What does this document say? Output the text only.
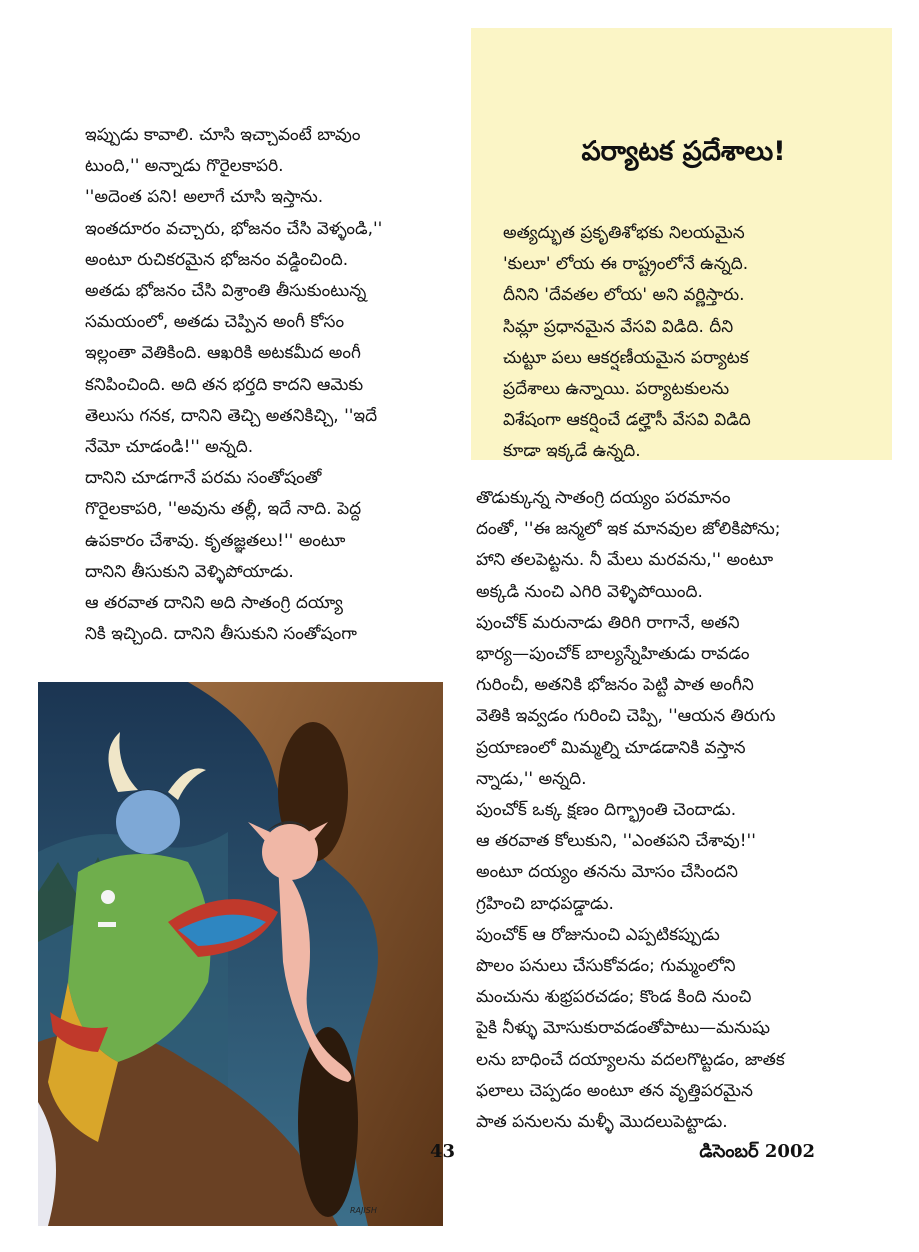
ఇప్పుడు కావాలి. చూసి ఇచ్చావంటే బావుం
టుంది,'' అన్నాడు గొరైలకాపరి.
''అదెంత పని! అలాగే చూసి ఇస్తాను.
ఇంతదూరం వచ్చారు, భోజనం చేసి వెళ్ళండి,''
అంటూ రుచికరమైన భోజనం వడ్డించింది.
అతడు భోజనం చేసి విశ్రాంతి తీసుకుంటున్న
సమయంలో, అతడు చెప్పిన అంగీ కోసం
ఇల్లంతా వెతికింది. ఆఖరికి అటకమీద అంగీ
కనిపించింది. అది తన భర్తది కాదని ఆమెకు
తెలుసు గనక, దానిని తెచ్చి అతనికిచ్చి, ''ఇదే
నేమో చూడండి!'' అన్నది.
దానిని చూడగానే పరమ సంతోషంతో
గొరైలకాపరి, ''అవును తల్లీ, ఇదే నాది. పెద్ద
ఉపకారం చేశావు. కృతజ్ఞతలు!'' అంటూ
దానిని తీసుకుని వెళ్ళిపోయాడు.
ఆ తరవాత దానిని అది సాతంగ్రి దయ్యా
నికి ఇచ్చింది. దానిని తీసుకుని సంతోషంగా
పర్యాటక ప్రదేశాలు!
అత్యద్భుత ప్రకృతిశోభకు నిలయమైన
'కులూ' లోయ ఈ రాష్ట్రంలోనే ఉన్నది.
దీనిని 'దేవతల లోయ' అని వర్ణిస్తారు.
సిమ్లా ప్రధానమైన వేసవి విడిది. దీని
చుట్టూ పలు ఆకర్షణీయమైన పర్యాటక
ప్రదేశాలు ఉన్నాయి. పర్యాటకులను
విశేషంగా ఆకర్షించే డల్హౌసీ వేసవి విడిది
కూడా ఇక్కడే ఉన్నది.
తొడుక్కున్న సాతంగ్రి దయ్యం పరమానం
దంతో, ''ఈ జన్మలో ఇక మానవుల జోలికిపోను;
హాని తలపెట్టను. నీ మేలు మరవను,'' అంటూ
అక్కడి నుంచి ఎగిరి వెళ్ళిపోయింది.
పుంచోక్ మరునాడు తిరిగి రాగానే, అతని
భార్య—పుంచోక్ బాల్యస్నేహితుడు రావడం
గురించీ, అతనికి భోజనం పెట్టి పాత అంగీని
వెతికి ఇవ్వడం గురించి చెప్పి, ''ఆయన తిరుగు
ప్రయాణంలో మిమ్మల్ని చూడడానికి వస్తాన
న్నాడు,'' అన్నది.
పుంచోక్ ఒక్క క్షణం దిగ్భ్రాంతి చెందాడు.
ఆ తరవాత కోలుకుని, ''ఎంతపని చేశావు!''
అంటూ దయ్యం తనను మోసం చేసిందని
గ్రహించి బాధపడ్డాడు.
పుంచోక్ ఆ రోజునుంచి ఎప్పటికప్పుడు
పొలం పనులు చేసుకోవడం; గుమ్మంలోని
మంచును శుభ్రపరచడం; కొండ కింది నుంచి
పైకి నీళ్ళు మోసుకురావడంతోపాటు—మనుషు
లను బాధించే దయ్యాలను వదలగొట్టడం, జాతక
ఫలాలు చెప్పడం అంటూ తన వృత్తిపరమైన
పాత పనులను మళ్ళీ మొదలుపెట్టాడు.
RAJISH
43	డిసెంబర్ 2002
